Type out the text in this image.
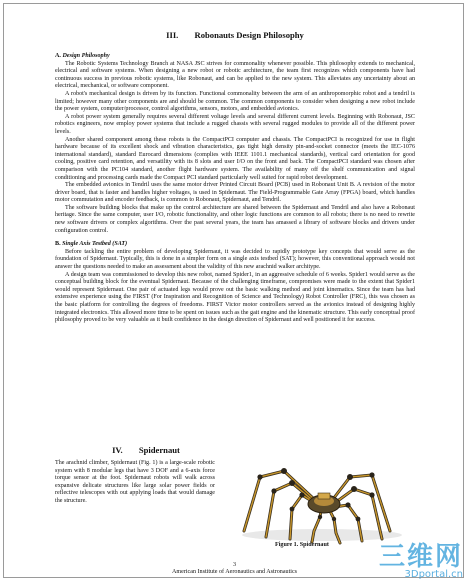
III. Robonauts Design Philosophy
A. Design Philosophy

The Robotic Systems Technology Branch at NASA JSC strives for commonality whenever possible. This philosophy extends to mechanical, electrical and software systems. When designing a new robot or robotic architecture, the team first recognizes which components have had continuous success in previous robotic systems, like Robonaut, and can be applied to the new system. This alleviates any uncertainty about an electrical, mechanical, or software component.

A robot's mechanical design is driven by its function. Functional commonality between the arm of an anthropomorphic robot and a tendril is limited; however many other components are and should be common. The common components to consider when designing a new robot include the power system, computer/processor, control algorithms, sensors, motors, and embedded avionics.

A robot power system generally requires several different voltage levels and several different current levels. Beginning with Robonaut, JSC robotics engineers, now employ power systems that include a rugged chassis with several rugged modules to provide all of the different power levels.

Another shared component among these robots is the CompactPCI computer and chassis. The CompactPCI is recognized for use in flight hardware because of its excellent shock and vibration characteristics, gas tight high density pin-and-socket connector (meets the IEC-1076 international standard), standard Eurocard dimensions (complies with IEEE 1101.1 mechanical standards), vertical card orientation for good cooling, positive card retention, and versatility with its 8 slots and user I/O on the front and back. The CompactPCI standard was chosen after comparison with the PC104 standard, another flight hardware system. The availability of many off the shelf communication and signal conditioning and processing cards made the Compact PCI standard particularly well suited for rapid robot development.

The embedded avionics in Tendril uses the same motor driver Printed Circuit Board (PCB) used in Robonaut Unit B. A revision of the motor driver board, that is faster and handles higher voltages, is used in Spidernaut. The Field-Programmable Gate Array (FPGA) board, which handles motor commutation and encoder feedback, is common to Robonaut, Spidernaut, and Tendril.

The software building blocks that make up the control architecture are shared between the Spidernaut and Tendril and also have a Robonaut heritage. Since the same computer, user I/O, robotic functionality, and other logic functions are common to all robots; there is no need to rewrite new software drivers or complex algorithms. Over the past several years, the team has amassed a library of software blocks and drivers under configuration control.

B. Single Axis Testbed (SAT)

Before tackling the entire problem of developing Spidernaut, it was decided to rapidly prototype key concepts that would serve as the foundation of Spidernaut. Typically, this is done in a simpler form on a single axis testbed (SAT); however, this conventional approach would not answer the questions needed to make an assessment about the validity of this new arachnid walker architype.

A design team was commissioned to develop this new robot, named Spider1, in an aggressive schedule of 6 weeks. Spider1 would serve as the conceptual building block for the eventual Spidernaut. Because of the challenging timeframe, compromises were made to the extent that Spider1 would represent Spidernaut. One pair of actuated legs would prove out the basic walking method and joint kinematics. Since the team has had extensive experience using the FIRST (For Inspiration and Recognition of Science and Technology) Robot Controller (FRC), this was chosen as the basic platform for controlling the degrees of freedoms. FIRST Victor motor controllers served as the avionics instead of designing highly integrated electronics. This allowed more time to be spent on issues such as the gait engine and the kinematic structure. This early conceptual proof philosophy proved to be very valuable as it built confidence in the design direction of Spidernaut and well positioned it for success.

IV. Spidernaut

The arachnid climber, Spidernaut (Fig. 1) is a large-scale robotic system with 8 modular legs that have 3 DOF and a 6-axis force torque sensor at the foot. Spidernaut robots will walk across expansive delicate structures like large solar power fields or reflective telescopes with out applying loads that would damage the structure.

Figure 1. Spidernaut
3
American Institute of Aeronautics and Astronautics
三维网
3Dportal.cn
